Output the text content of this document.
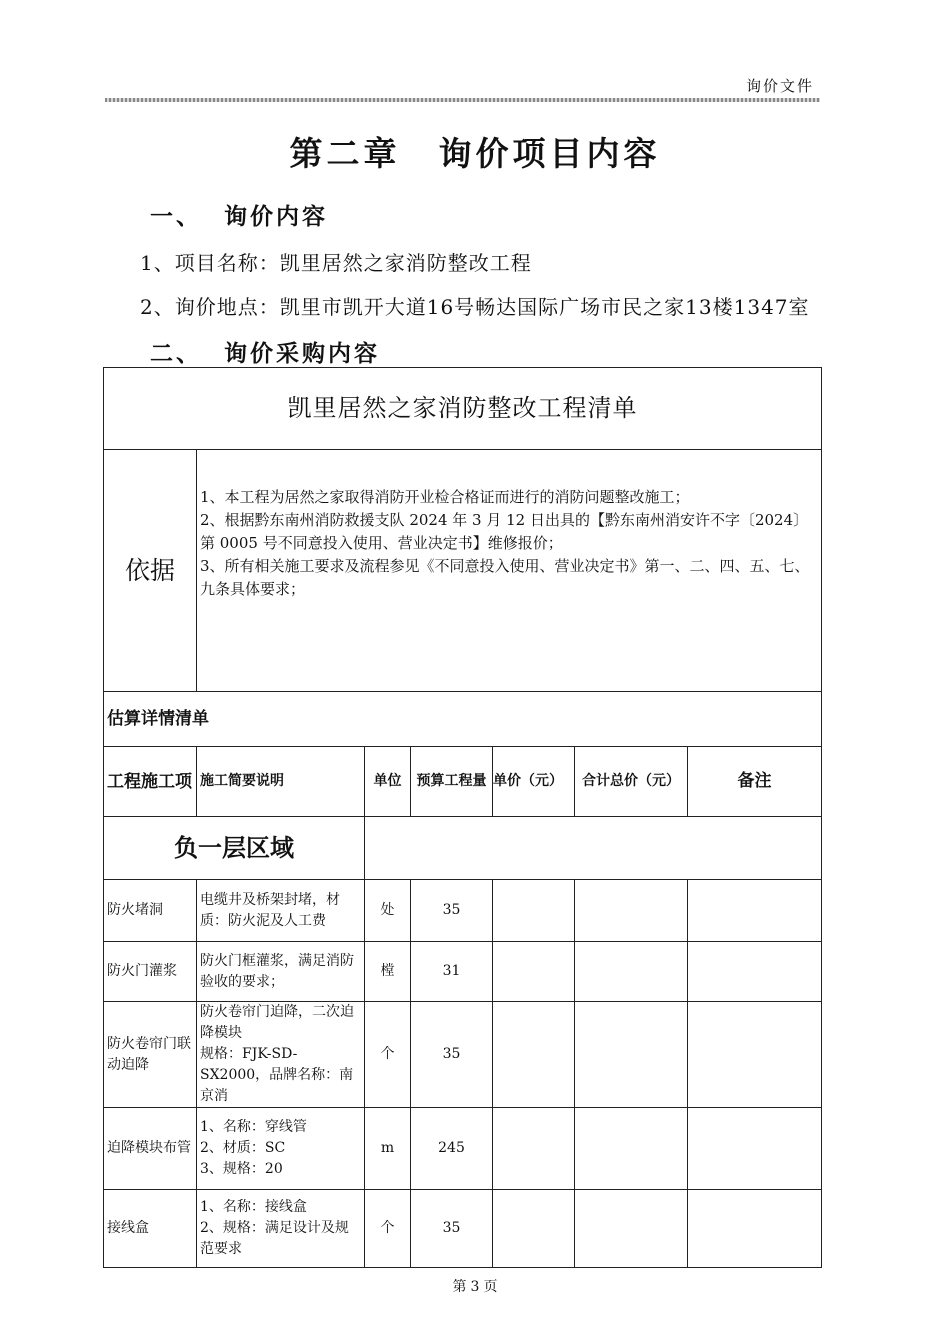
询价文件
第二章 询价项目内容
一、  询价内容
1、项目名称：凯里居然之家消防整改工程
2、询价地点：凯里市凯开大道16号畅达国际广场市民之家13楼1347室
二、  询价采购内容
凯里居然之家消防整改工程清单						
依据	1、本工程为居然之家取得消防开业检合格证而进行的消防问题整改施工；
2、根据黔东南州消防救援支队 2024 年 3 月 12 日出具的【黔东南州消安许不字〔2024〕第 0005 号不同意投入使用、营业决定书】维修报价；
3、所有相关施工要求及流程参见《不同意投入使用、营业决定书》第一、二、四、五、七、九条具体要求；					

估算详情清单						
工程施工项	施工简要说明	单位	预算工程量	单价（元）	合计总价（元）	备注
负一层区域						
防火堵洞	电缆井及桥架封堵，材质：防火泥及人工费	处	35			
防火门灌浆	防火门框灌浆，满足消防验收的要求；	樘	31			
防火卷帘门联动迫降	防火卷帘门迫降，二次迫降模块
规格：FJK-SD-SX2000，品牌名称：南京消	个	35			
迫降模块布管	1、名称：穿线管
2、材质：SC
3、规格：20	m	245			
接线盒	1、名称：接线盒
2、规格：满足设计及规范要求	个	35			
第 3 页
